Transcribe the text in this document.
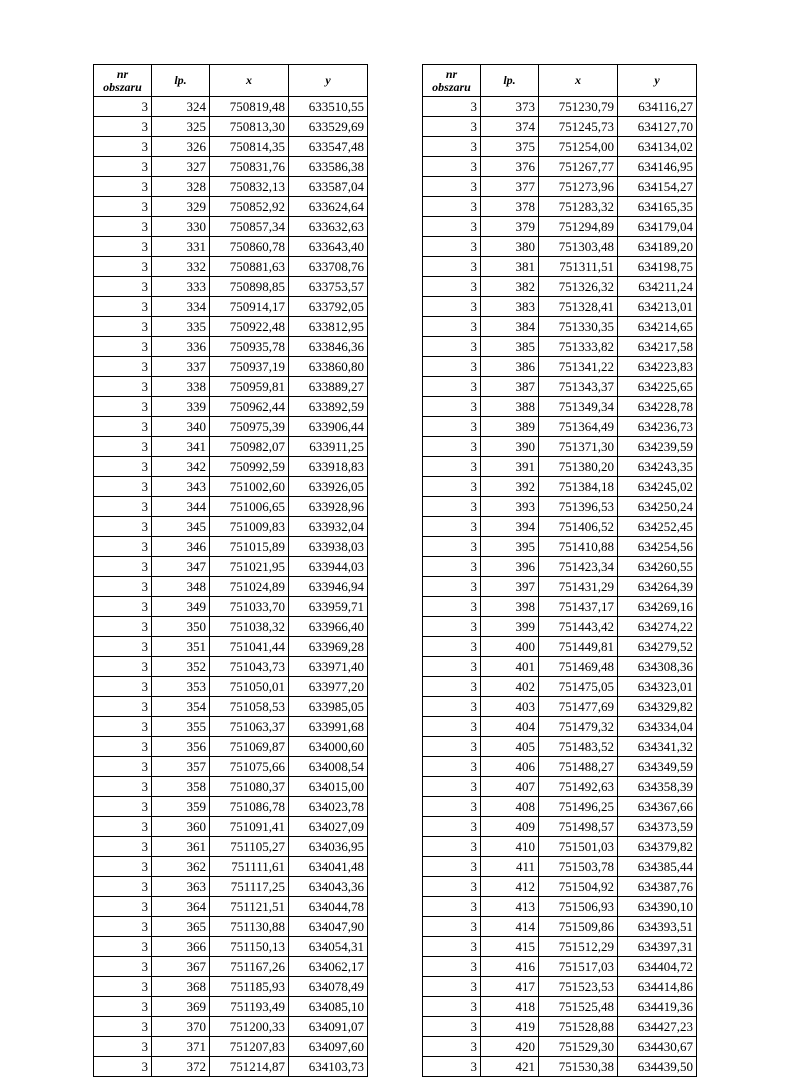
nr obszaru	lp.	x	y
3	324	750819,48	633510,55
3	325	750813,30	633529,69
3	326	750814,35	633547,48
3	327	750831,76	633586,38
3	328	750832,13	633587,04
3	329	750852,92	633624,64
3	330	750857,34	633632,63
3	331	750860,78	633643,40
3	332	750881,63	633708,76
3	333	750898,85	633753,57
3	334	750914,17	633792,05
3	335	750922,48	633812,95
3	336	750935,78	633846,36
3	337	750937,19	633860,80
3	338	750959,81	633889,27
3	339	750962,44	633892,59
3	340	750975,39	633906,44
3	341	750982,07	633911,25
3	342	750992,59	633918,83
3	343	751002,60	633926,05
3	344	751006,65	633928,96
3	345	751009,83	633932,04
3	346	751015,89	633938,03
3	347	751021,95	633944,03
3	348	751024,89	633946,94
3	349	751033,70	633959,71
3	350	751038,32	633966,40
3	351	751041,44	633969,28
3	352	751043,73	633971,40
3	353	751050,01	633977,20
3	354	751058,53	633985,05
3	355	751063,37	633991,68
3	356	751069,87	634000,60
3	357	751075,66	634008,54
3	358	751080,37	634015,00
3	359	751086,78	634023,78
3	360	751091,41	634027,09
3	361	751105,27	634036,95
3	362	751111,61	634041,48
3	363	751117,25	634043,36
3	364	751121,51	634044,78
3	365	751130,88	634047,90
3	366	751150,13	634054,31
3	367	751167,26	634062,17
3	368	751185,93	634078,49
3	369	751193,49	634085,10
3	370	751200,33	634091,07
3	371	751207,83	634097,60
3	372	751214,87	634103,73
nr obszaru	lp.	x	y
3	373	751230,79	634116,27
3	374	751245,73	634127,70
3	375	751254,00	634134,02
3	376	751267,77	634146,95
3	377	751273,96	634154,27
3	378	751283,32	634165,35
3	379	751294,89	634179,04
3	380	751303,48	634189,20
3	381	751311,51	634198,75
3	382	751326,32	634211,24
3	383	751328,41	634213,01
3	384	751330,35	634214,65
3	385	751333,82	634217,58
3	386	751341,22	634223,83
3	387	751343,37	634225,65
3	388	751349,34	634228,78
3	389	751364,49	634236,73
3	390	751371,30	634239,59
3	391	751380,20	634243,35
3	392	751384,18	634245,02
3	393	751396,53	634250,24
3	394	751406,52	634252,45
3	395	751410,88	634254,56
3	396	751423,34	634260,55
3	397	751431,29	634264,39
3	398	751437,17	634269,16
3	399	751443,42	634274,22
3	400	751449,81	634279,52
3	401	751469,48	634308,36
3	402	751475,05	634323,01
3	403	751477,69	634329,82
3	404	751479,32	634334,04
3	405	751483,52	634341,32
3	406	751488,27	634349,59
3	407	751492,63	634358,39
3	408	751496,25	634367,66
3	409	751498,57	634373,59
3	410	751501,03	634379,82
3	411	751503,78	634385,44
3	412	751504,92	634387,76
3	413	751506,93	634390,10
3	414	751509,86	634393,51
3	415	751512,29	634397,31
3	416	751517,03	634404,72
3	417	751523,53	634414,86
3	418	751525,48	634419,36
3	419	751528,88	634427,23
3	420	751529,30	634430,67
3	421	751530,38	634439,50
